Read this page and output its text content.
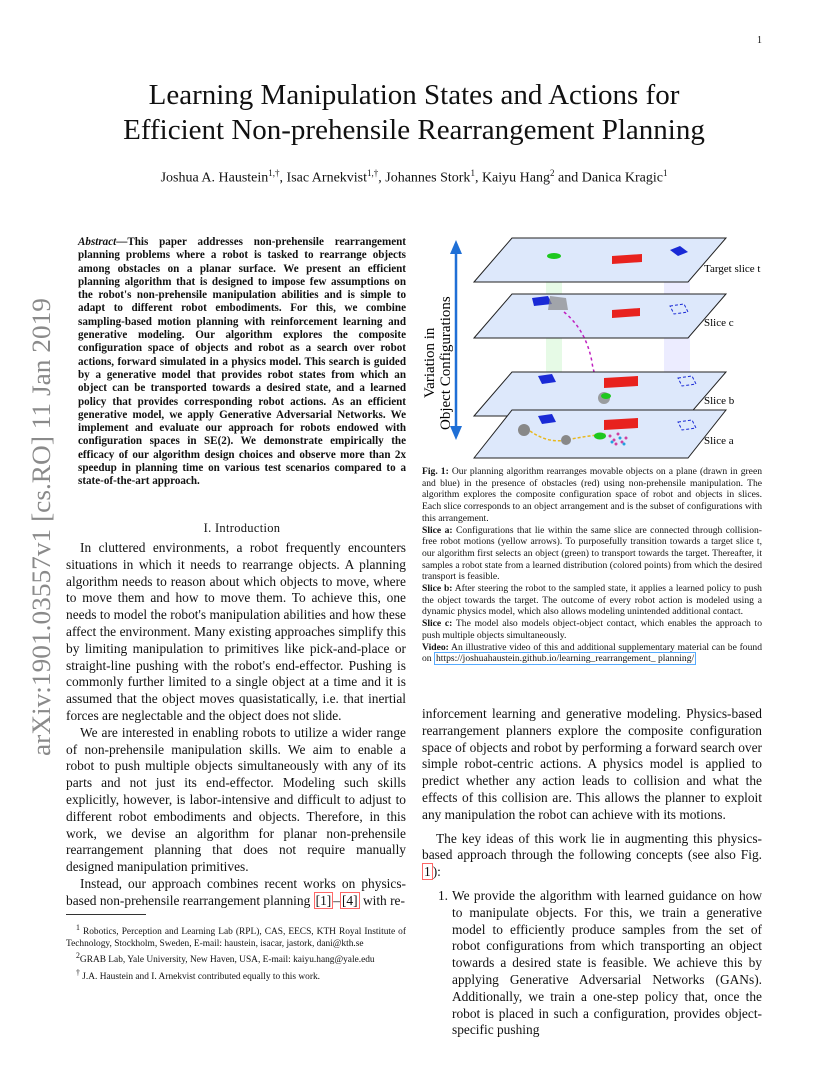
1
arXiv:1901.03557v1 [cs.RO] 11 Jan 2019
Learning Manipulation States and Actions for
Efficient Non-prehensile Rearrangement Planning
Joshua A. Haustein$^{1,\dagger}$, Isac Arnekvist$^{1,\dagger}$, Johannes Stork$^1$, Kaiyu Hang$^2$ and Danica Kragic$^1$
Abstract—This paper addresses non-prehensile rearrangement planning problems where a robot is tasked to rearrange objects among obstacles on a planar surface. We present an efficient planning algorithm that is designed to impose few assumptions on the robot's non-prehensile manipulation abilities and is simple to adapt to different robot embodiments. For this, we combine sampling-based motion planning with reinforcement learning and generative modeling. Our algorithm explores the composite configuration space of objects and robot as a search over robot actions, forward simulated in a physics model. This search is guided by a generative model that provides robot states from which an object can be transported towards a desired state, and a learned policy that provides corresponding robot actions. As an efficient generative model, we apply Generative Adversarial Networks. We implement and evaluate our approach for robots endowed with configuration spaces in SE(2). We demonstrate empirically the efficacy of our algorithm design choices and observe more than 2x speedup in planning time on various test scenarios compared to a state-of-the-art approach.
I. Introduction

In cluttered environments, a robot frequently encounters situations in which it needs to rearrange objects. A planning algorithm needs to reason about which objects to move, where to move them and how to move them. To achieve this, one needs to model the robot's manipulation abilities and how these affect the environment. Many existing approaches simplify this by limiting manipulation to primitives like pick-and-place or straight-line pushing with the robot's end-effector. Pushing is commonly further limited to a single object at a time and it is assumed that the object moves quasistatically, i.e. that inertial forces are neglectable and the object does not slide.

We are interested in enabling robots to utilize a wider range of non-prehensile manipulation skills. We aim to enable a robot to push multiple objects simultaneously with any of its parts and not just its end-effector. Modeling such skills explicitly, however, is labor-intensive and difficult to adjust to different robot embodiments and objects. Therefore, in this work, we devise an algorithm for planar non-prehensile rearrangement planning that does not require manually designed manipulation primitives.

Instead, our approach combines recent works on physics-based non-prehensile rearrangement planning [1] – [4] with re-

$^1$ Robotics, Perception and Learning Lab (RPL), CAS, EECS, KTH Royal Institute of Technology, Stockholm, Sweden, E-mail: haustein, isacar, jastork, dani@kth.se

$^2$GRAB Lab, Yale University, New Haven, USA, E-mail: kaiyu.hang@yale.edu

† J.A. Haustein and I. Arnekvist contributed equally to this work.

Variation in Object Configurations
Target slice t
Slice c
Slice b
Slice a

Fig. 1: Our planning algorithm rearranges movable objects on a plane (drawn in green and blue) in the presence of obstacles (red) using non-prehensile manipulation. The algorithm explores the composite configuration space of robot and objects in slices. Each slice corresponds to an object arrangement and is the subset of configurations with this arrangement.

Slice a: Configurations that lie within the same slice are connected through collision-free robot motions (yellow arrows). To purposefully transition towards a target slice t, our algorithm first selects an object (green) to transport towards the target. Thereafter, it samples a robot state from a learned distribution (colored points) from which the desired transport is feasible.

Slice b: After steering the robot to the sampled state, it applies a learned policy to push the object towards the target. The outcome of every robot action is modeled using a dynamic physics model, which also allows modeling unintended additional contact.

Slice c: The model also models object-object contact, which enables the approach to push multiple objects simultaneously.

Video: An illustrative video of this and additional supplementary material can be found on https://joshuahaustein.github.io/learning_rearrangement_ planning/

inforcement learning and generative modeling. Physics-based rearrangement planners explore the composite configuration space of objects and robot by performing a forward search over simple robot-centric actions. A physics model is applied to predict whether any action leads to collision and what the effects of this collision are. This allows the planner to exploit any manipulation the robot can achieve with its motions.

The key ideas of this work lie in augmenting this physics-based approach through the following concepts (see also Fig. 1 ):

1. We provide the algorithm with learned guidance on how to manipulate objects. For this, we train a generative model to efficiently produce samples from the set of robot configurations from which transporting an object towards a desired state is feasible. We achieve this by applying Generative Adversarial Networks (GANs). Additionally, we train a one-step policy that, once the robot is placed in such a configuration, provides object-specific pushing
